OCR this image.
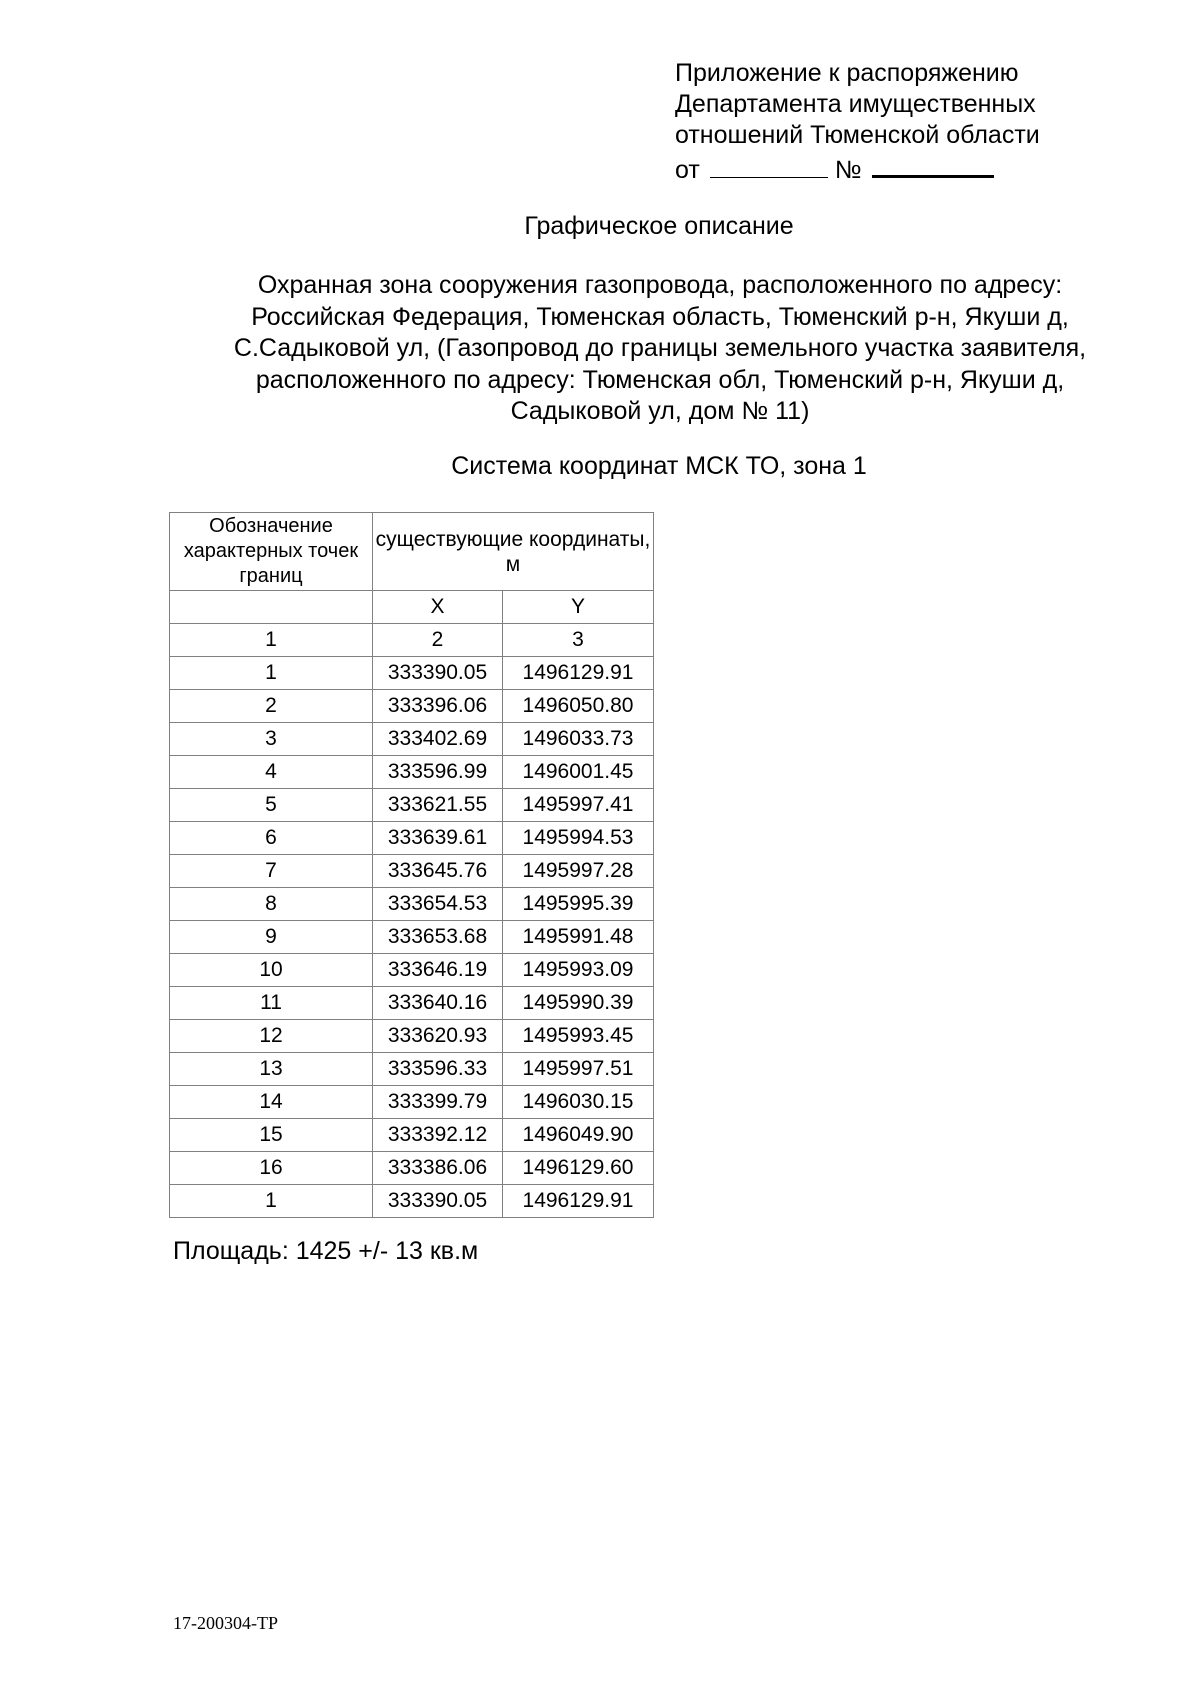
Приложение к распоряжению
Департамента имущественных
отношений Тюменской области
от	№
Графическое описание
Охранная зона сооружения газопровода, расположенного по адресу:
Российская Федерация, Тюменская область, Тюменский р-н, Якуши д,
С.Садыковой ул, (Газопровод до границы земельного участка заявителя,
расположенного по адресу: Тюменская обл, Тюменский р-н, Якуши д,
Садыковой ул, дом № 11)
Система координат МСК ТО, зона 1
Обозначение характерных точек границ	существующие координаты, м	
	X	Y
1	2	3
1	333390.05	1496129.91
2	333396.06	1496050.80
3	333402.69	1496033.73
4	333596.99	1496001.45
5	333621.55	1495997.41
6	333639.61	1495994.53
7	333645.76	1495997.28
8	333654.53	1495995.39
9	333653.68	1495991.48
10	333646.19	1495993.09
11	333640.16	1495990.39
12	333620.93	1495993.45
13	333596.33	1495997.51
14	333399.79	1496030.15
15	333392.12	1496049.90
16	333386.06	1496129.60
1	333390.05	1496129.91
Площадь: 1425 +/- 13 кв.м
17-200304-ТР
